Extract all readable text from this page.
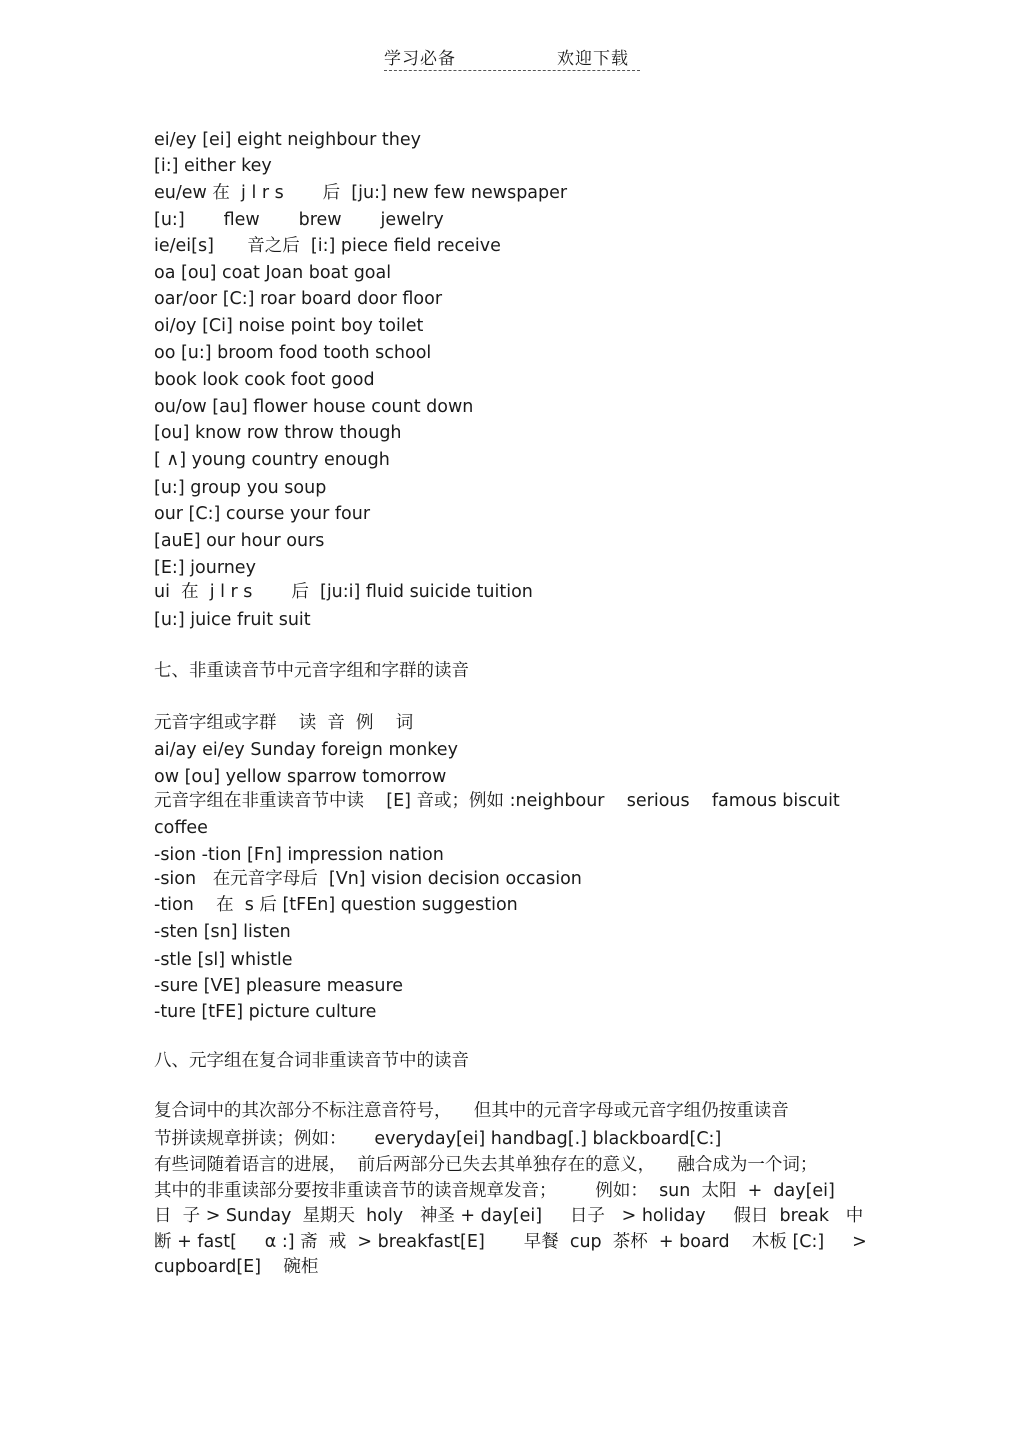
学习必备	欢迎下载
ei/ey [ei] eight neighbour they
[i:] either key
eu/ew 在  j l r s       后  [ju:] new few newspaper
[u:]       flew       brew       jewelry
ie/ei[s]      音之后  [i:] piece field receive
oa [ou] coat Joan boat goal
oar/oor [C:] roar board door floor
oi/oy [Ci] noise point boy toilet
oo [u:] broom food tooth school
book look cook foot good
ou/ow [au] flower house count down
[ou] know row throw though
[ ∧] young country enough
[u:] group you soup
our [C:] course your four
[auE] our hour ours
[E:] journey
ui  在  j l r s       后  [ju:i] fluid suicide tuition
[u:] juice fruit suit
七、非重读音节中元音字组和字群的读音
元音字组或字群    读  音  例    词
ai/ay ei/ey Sunday foreign monkey
ow [ou] yellow sparrow tomorrow
元音字组在非重读音节中读    [E] 音或；例如 :neighbour    serious    famous biscuit
coffee
-sion -tion [Fn] impression nation
-sion   在元音字母后  [Vn] vision decision occasion
-tion    在  s 后 [tFEn] question suggestion
-sten [sn] listen
-stle [sl] whistle
-sure [VE] pleasure measure
-ture [tFE] picture culture
八、元字组在复合词非重读音节中的读音
复合词中的其次部分不标注意音符号，    但其中的元音字母或元音字组仍按重读音
节拼读规章拼读；例如：     everyday[ei] handbag[.] blackboard[C:]
有些词随着语言的进展，  前后两部分已失去其单独存在的意义，    融合成为一个词；
其中的非重读部分要按非重读音节的读音规章发音；       例如：  sun  太阳  +  day[ei]
日  子 > Sunday  星期天  holy   神圣 + day[ei]     日子   > holiday     假日  break   中
断 + fast[     α :] 斋  戒  > breakfast[E]       早餐  cup  茶杯  + board    木板 [C:]     >
cupboard[E]    碗柜
